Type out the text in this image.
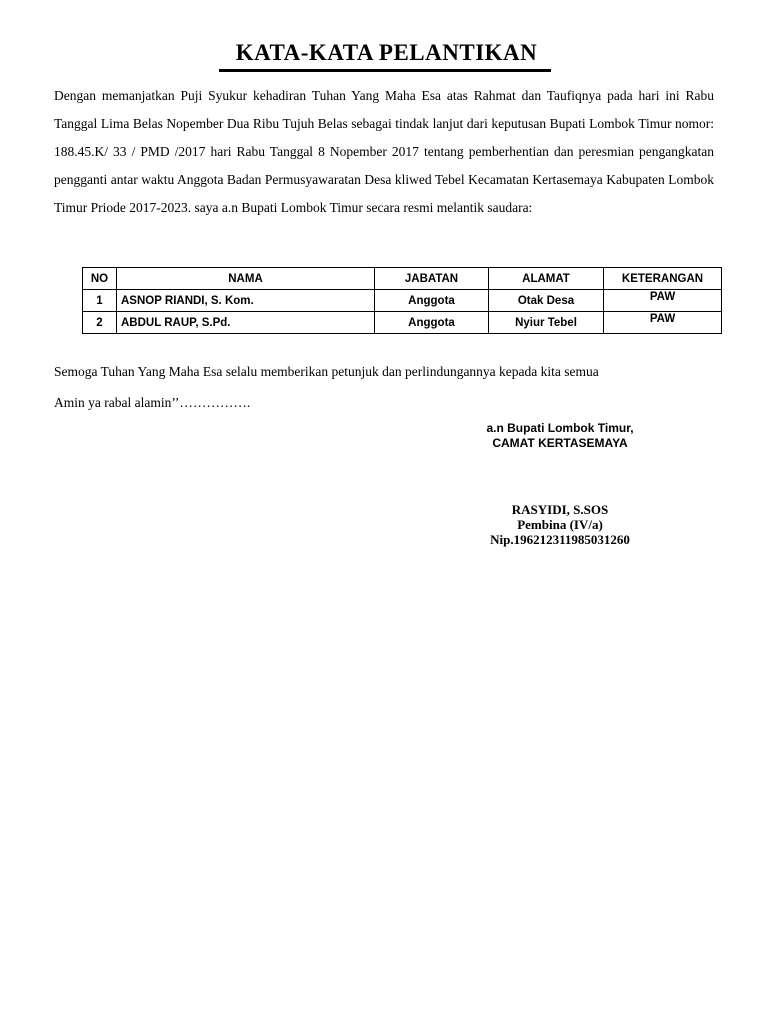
KATA-KATA PELANTIKAN
Dengan memanjatkan Puji Syukur kehadiran Tuhan Yang Maha Esa atas Rahmat dan Taufiqnya pada hari ini Rabu Tanggal Lima Belas Nopember Dua Ribu Tujuh Belas sebagai tindak lanjut dari keputusan Bupati Lombok Timur nomor: 188.45.K/ 33 / PMD /2017 hari Rabu Tanggal 8 Nopember 2017 tentang pemberhentian dan peresmian pengangkatan pengganti antar waktu Anggota Badan Permusyawaratan Desa kliwed Tebel Kecamatan Kertasemaya Kabupaten Lombok Timur Priode 2017-2023. saya a.n Bupati Lombok Timur secara resmi melantik saudara:
NO	NAMA	JABATAN	ALAMAT	KETERANGAN
1	ASNOP RIANDI, S. Kom.	Anggota	Otak Desa	PAW
2	ABDUL RAUP, S.Pd.	Anggota	Nyiur Tebel	PAW
Semoga Tuhan Yang Maha Esa selalu memberikan petunjuk dan perlindungannya kepada kita semua
Amin ya rabal alamin’’…………….
a.n Bupati Lombok Timur,
CAMAT KERTASEMAYA
RASYIDI, S.SOS
Pembina (IV/a)
Nip.196212311985031260
